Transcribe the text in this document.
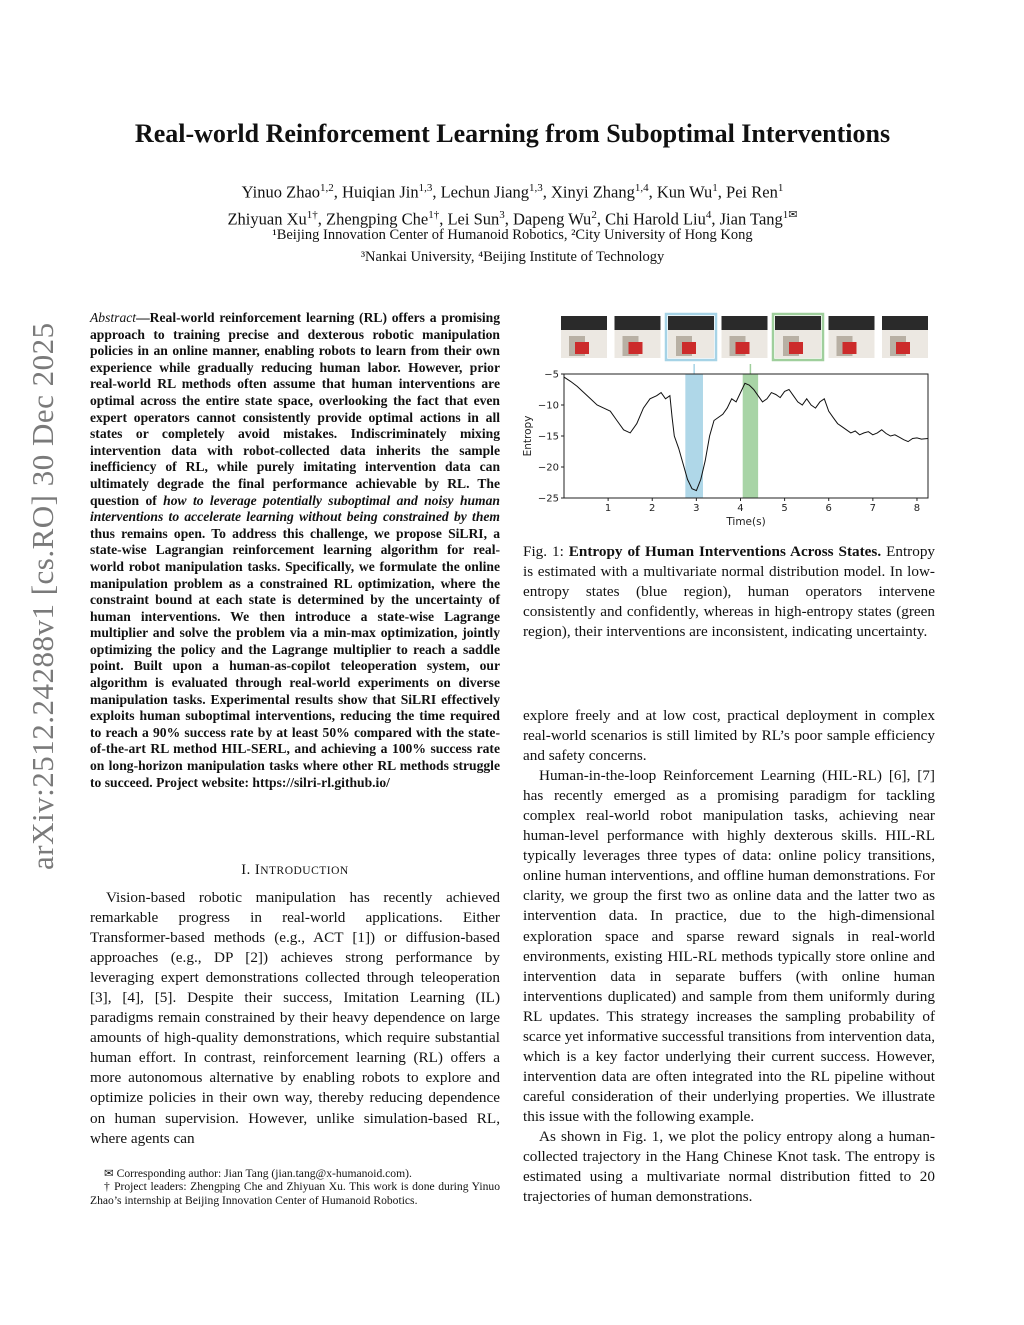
arXiv:2512.24288v1 [cs.RO] 30 Dec 2025
Real-world Reinforcement Learning from Suboptimal Interventions
Yinuo Zhao$^{1,2}$, Huiqian Jin$^{1,3}$, Lechun Jiang$^{1,3}$, Xinyi Zhang$^{1,4}$, Kun Wu$^1$, Pei Ren$^1$
Zhiyuan $Xu^{1\dagger}$, Zhengping Che$^{1\dagger}$, Lei Sun$^3$, Dapeng Wu$^2$, Chi Harold Liu$^4$, Jian Tang$^{1✉}$
¹Beijing Innovation Center of Humanoid Robotics, ²City University of Hong Kong
³Nankai University, ⁴Beijing Institute of Technology
Abstract—Real-world reinforcement learning (RL) offers a promising approach to training precise and dexterous robotic manipulation policies in an online manner, enabling robots to learn from their own experience while gradually reducing human labor. However, prior real-world RL methods often assume that human interventions are optimal across the entire state space, overlooking the fact that even expert operators cannot consistently provide optimal actions in all states or completely avoid mistakes. Indiscriminately mixing intervention data with robot-collected data inherits the sample inefficiency of RL, while purely imitating intervention data can ultimately degrade the final performance achievable by RL. The question of how to leverage potentially suboptimal and noisy human interventions to accelerate learning without being constrained by them thus remains open. To address this challenge, we propose SiLRI, a state-wise Lagrangian reinforcement learning algorithm for real-world robot manipulation tasks. Specifically, we formulate the online manipulation problem as a constrained RL optimization, where the constraint bound at each state is determined by the uncertainty of human interventions. We then introduce a state-wise Lagrange multiplier and solve the problem via a min-max optimization, jointly optimizing the policy and the Lagrange multiplier to reach a saddle point. Built upon a human-as-copilot teleoperation system, our algorithm is evaluated through real-world experiments on diverse manipulation tasks. Experimental results show that SiLRI effectively exploits human suboptimal interventions, reducing the time required to reach a 90% success rate by at least 50% compared with the state-of-the-art RL method HIL-SERL, and achieving a 100% success rate on long-horizon manipulation tasks where other RL methods struggle to succeed. Project website: https://silri-rl.github.io/
I. INTRODUCTION

Vision-based robotic manipulation has recently achieved remarkable progress in real-world applications. Either Transformer-based methods (e.g., ACT [1]) or diffusion-based approaches (e.g., DP [2]) achieves strong performance by leveraging expert demonstrations collected through teleoperation [3], [4], [5]. Despite their success, Imitation Learning (IL) paradigms remain constrained by their heavy dependence on large amounts of high-quality demonstrations, which require substantial human effort. In contrast, reinforcement learning (RL) offers a more autonomous alternative by enabling robots to explore and optimize policies in their own way, thereby reducing dependence on human supervision. However, unlike simulation-based RL, where agents can

✉ Corresponding author: Jian Tang (jian.tang@x-humanoid.com).

† Project leaders: Zhengping Che and Zhiyuan Xu. This work is done during Yinuo Zhao’s internship at Beijing Innovation Center of Humanoid Robotics.

1	2	3	4	5	6	7	8
−5
−10
−15
−20
−25
Time(s)
Entropy
Fig. 1: Entropy of Human Interventions Across States. Entropy is estimated with a multivariate normal distribution model. In low-entropy states (blue region), human operators intervene consistently and confidently, whereas in high-entropy states (green region), their interventions are inconsistent, indicating uncertainty.

explore freely and at low cost, practical deployment in complex real-world scenarios is still limited by RL’s poor sample efficiency and safety concerns.

Human-in-the-loop Reinforcement Learning (HIL-RL) [6], [7] has recently emerged as a promising paradigm for tackling complex real-world robot manipulation tasks, achieving near human-level performance with highly dexterous skills. HIL-RL typically leverages three types of data: online policy transitions, online human interventions, and offline human demonstrations. For clarity, we group the first two as online data and the latter two as intervention data. In practice, due to the high-dimensional exploration space and sparse reward signals in real-world environments, existing HIL-RL methods typically store online and intervention data in separate buffers (with online human interventions duplicated) and sample from them uniformly during RL updates. This strategy increases the sampling probability of scarce yet informative successful transitions from intervention data, which is a key factor underlying their current success. However, intervention data are often integrated into the RL pipeline without careful consideration of their underlying properties. We illustrate this issue with the following example.

As shown in Fig. 1, we plot the policy entropy along a human-collected trajectory in the Hang Chinese Knot task. The entropy is estimated using a multivariate normal distribution fitted to 20 trajectories of human demonstrations.
